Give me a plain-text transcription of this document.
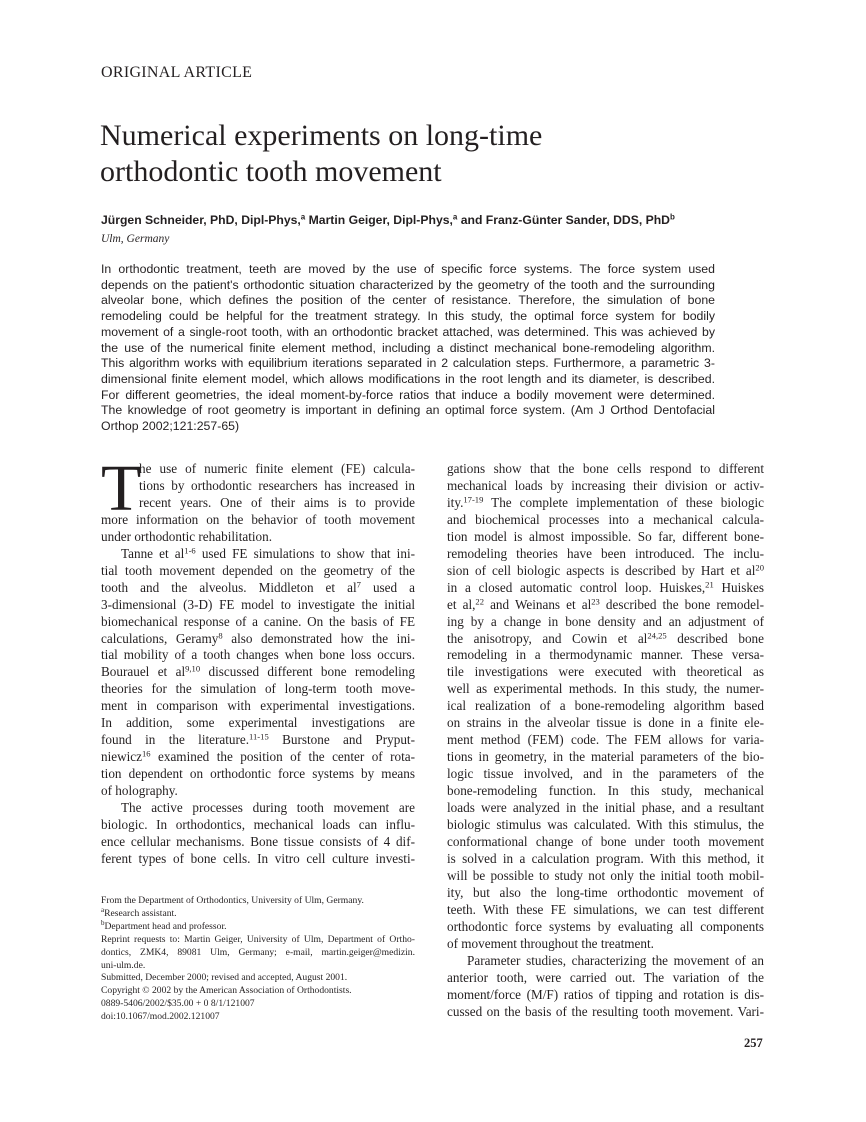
ORIGINAL ARTICLE
Numerical experiments on long-time
orthodontic tooth movement
Jürgen Schneider, PhD, Dipl-Phys,$^a$ Martin Geiger, Dipl-Phys,$^a$ and Franz-Günter Sander, DDS, PhD$^b$
Ulm, Germany
In orthodontic treatment, teeth are moved by the use of specific force systems. The force system used
depends on the patient's orthodontic situation characterized by the geometry of the tooth and the surrounding
alveolar bone, which defines the position of the center of resistance. Therefore, the simulation of bone
remodeling could be helpful for the treatment strategy. In this study, the optimal force system for bodily
movement of a single-root tooth, with an orthodontic bracket attached, was determined. This was achieved by
the use of the numerical finite element method, including a distinct mechanical bone-remodeling algorithm.
This algorithm works with equilibrium iterations separated in 2 calculation steps. Furthermore, a parametric 3-
dimensional finite element model, which allows modifications in the root length and its diameter, is described.
For different geometries, the ideal moment-by-force ratios that induce a bodily movement were determined.
The knowledge of root geometry is important in defining an optimal force system. (Am J Orthod Dentofacial
Orthop 2002;121:257-65)
T
he use of numeric finite element (FE) calcula-
tions by orthodontic researchers has increased in
recent years. One of their aims is to provide
more information on the behavior of tooth movement
under orthodontic rehabilitation.
Tanne et $al^{1-6}$ used FE simulations to show that ini-
tial tooth movement depended on the geometry of the
tooth and the alveolus. Middleton et $al^7$ used a
3-dimensional (3-D) FE model to investigate the initial
biomechanical response of a canine. On the basis of FE
calculations, Geramy$^8$ also demonstrated how the ini-
tial mobility of a tooth changes when bone loss occurs.
Bourauel et al$^{9,10}$ discussed different bone remodeling
theories for the simulation of long-term tooth move-
ment in comparison with experimental investigations.
In addition, some experimental investigations are
found in the literature.$^{11-15}$ Burstone and Pryput-
niewicz$^{16}$ examined the position of the center of rota-
tion dependent on orthodontic force systems by means
of holography.
The active processes during tooth movement are
biologic. In orthodontics, mechanical loads can influ-
ence cellular mechanisms. Bone tissue consists of 4 dif-
ferent types of bone cells. In vitro cell culture investi-
gations show that the bone cells respond to different
mechanical loads by increasing their division or activ-
ity.$^{17-19}$ The complete implementation of these biologic
and biochemical processes into a mechanical calcula-
tion model is almost impossible. So far, different bone-
remodeling theories have been introduced. The inclu-
sion of cell biologic aspects is described by Hart et $al^{20}$
in a closed automatic control loop. Huiskes,$^{21}$ Huiskes
et al,$^{22}$ and Weinans et $al^{23}$ described the bone remodel-
ing by a change in bone density and an adjustment of
the anisotropy, and Cowin et al$^{24,25}$ described bone
remodeling in a thermodynamic manner. These versa-
tile investigations were executed with theoretical as
well as experimental methods. In this study, the numer-
ical realization of a bone-remodeling algorithm based
on strains in the alveolar tissue is done in a finite ele-
ment method (FEM) code. The FEM allows for varia-
tions in geometry, in the material parameters of the bio-
logic tissue involved, and in the parameters of the
bone-remodeling function. In this study, mechanical
loads were analyzed in the initial phase, and a resultant
biologic stimulus was calculated. With this stimulus, the
conformational change of bone under tooth movement
is solved in a calculation program. With this method, it
will be possible to study not only the initial tooth mobil-
ity, but also the long-time orthodontic movement of
teeth. With these FE simulations, we can test different
orthodontic force systems by evaluating all components
of movement throughout the treatment.
Parameter studies, characterizing the movement of an
anterior tooth, were carried out. The variation of the
moment/force (M/F) ratios of tipping and rotation is dis-
cussed on the basis of the resulting tooth movement. Vari-
From the Department of Orthodontics, University of Ulm, Germany.
$^a$Research assistant.
$^b$Department head and professor.
Reprint requests to: Martin Geiger, University of Ulm, Department of Ortho-
dontics, ZMK4, 89081 Ulm, Germany; e-mail, martin.geiger@medizin.
uni-ulm.de.
Submitted, December 2000; revised and accepted, August 2001.
Copyright © 2002 by the American Association of Orthodontists.
0889-5406/2002/$35.00 + 0 8/1/121007
doi:10.1067/mod.2002.121007
257
